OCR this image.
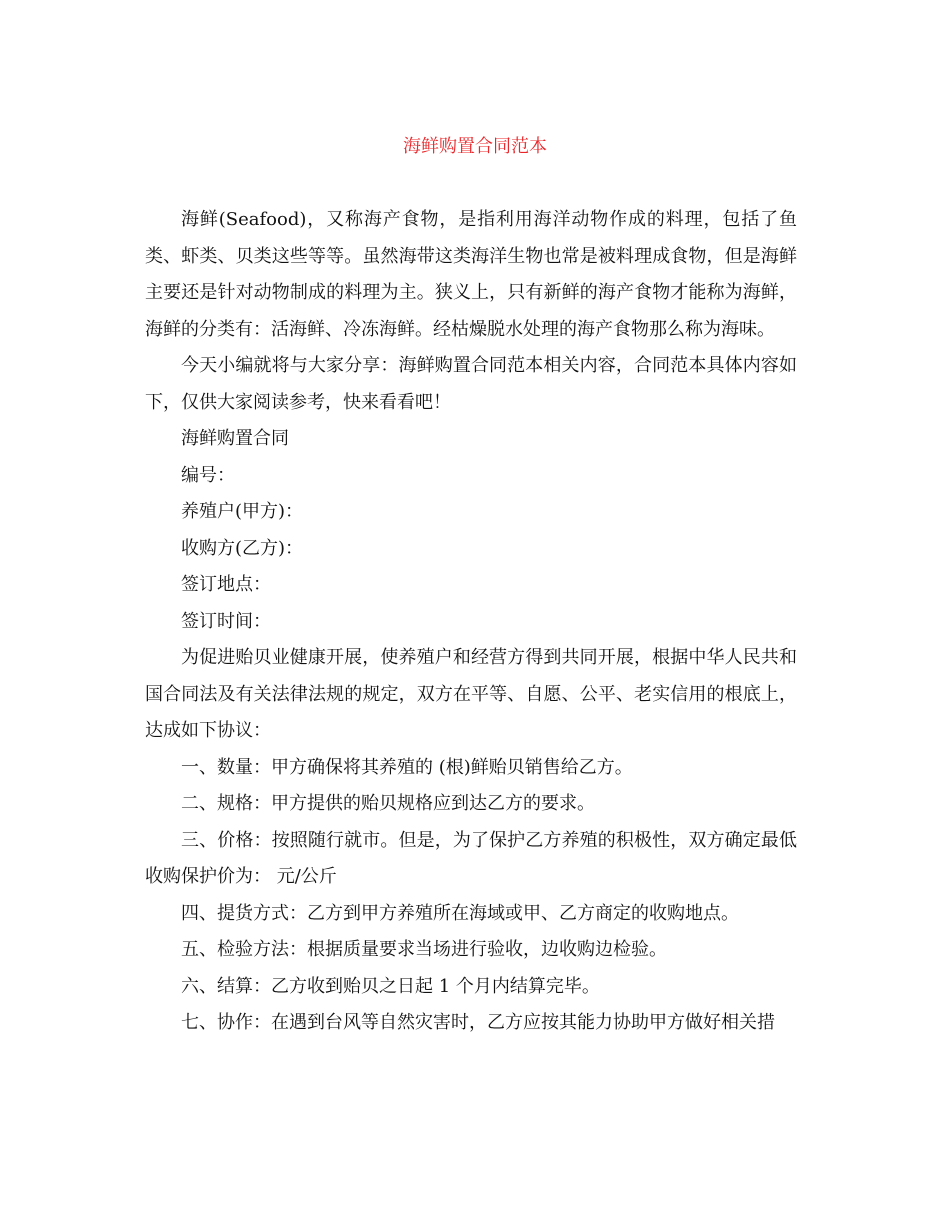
海鲜购置合同范本

海鲜(Seafood)，又称海产食物，是指利用海洋动物作成的料理，包括了鱼类、虾类、贝类这些等等。虽然海带这类海洋生物也常是被料理成食物，但是海鲜主要还是针对动物制成的料理为主。狭义上，只有新鲜的海产食物才能称为海鲜，海鲜的分类有：活海鲜、冷冻海鲜。经枯燥脱水处理的海产食物那么称为海味。

今天小编就将与大家分享：海鲜购置合同范本相关内容，合同范本具体内容如下，仅供大家阅读参考，快来看看吧！

海鲜购置合同

编号：

养殖户(甲方)：

收购方(乙方)：

签订地点：

签订时间：

为促进贻贝业健康开展，使养殖户和经营方得到共同开展，根据中华人民共和国合同法及有关法律法规的规定，双方在平等、自愿、公平、老实信用的根底上，达成如下协议：

一、数量：甲方确保将其养殖的 (根)鲜贻贝销售给乙方。

二、规格：甲方提供的贻贝规格应到达乙方的要求。

三、价格：按照随行就市。但是，为了保护乙方养殖的积极性，双方确定最低收购保护价为： 元/公斤

四、提货方式：乙方到甲方养殖所在海域或甲、乙方商定的收购地点。

五、检验方法：根据质量要求当场进行验收，边收购边检验。

六、结算：乙方收到贻贝之日起 1 个月内结算完毕。

七、协作：在遇到台风等自然灾害时，乙方应按其能力协助甲方做好相关措
